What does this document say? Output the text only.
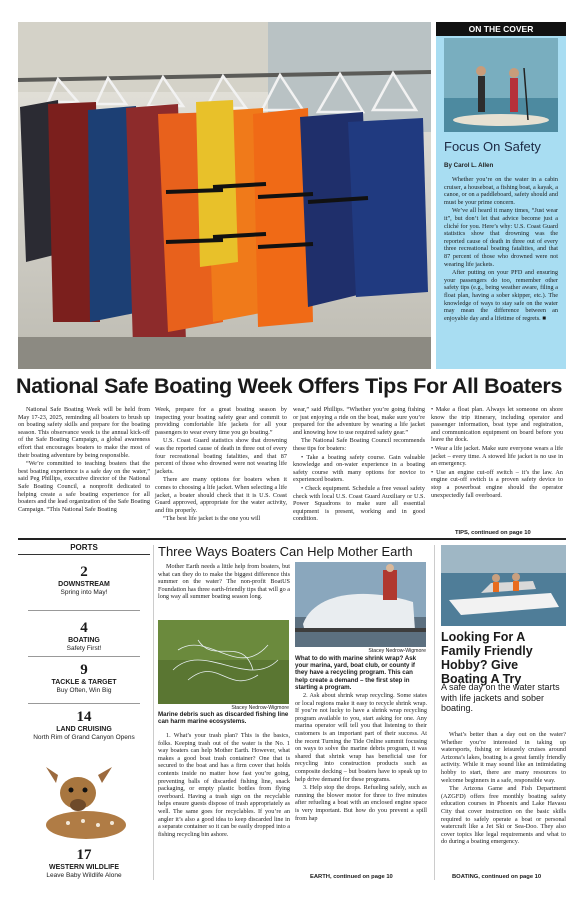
ON THE COVER
Focus On Safety
By Carol L. Allen

Whether you’re on the water in a cabin cruiser, a houseboat, a fishing boat, a kayak, a canoe, or on a paddleboard, safety should and must be your prime concern.

We’ve all heard it many times, “Just wear it”, but don’t let that advice become just a cliché for you. Here’s why: U.S. Coast Guard statistics show that drowning was the reported cause of death in three out of every three recreational boating fatalities, and that 87 percent of those who drowned were not wearing life jackets.

After putting on your PFD and ensuring your passengers do too, remember other safety tips (e.g., being weather aware, filing a float plan, having a sober skipper, etc.). The knowledge of ways to stay safe on the water may mean the difference between an enjoyable day and a lifetime of regrets. ■

National Safe Boating Week Offers Tips For All Boaters

National Safe Boating Week will be held from May 17-23, 2025, reminding all boaters to brush up on boating safety skills and prepare for the boating season. This observance week is the annual kick-off of the Safe Boating Campaign, a global awareness effort that encourages boaters to make the most of their boating adventure by being responsible.

“We’re committed to teaching boaters that the best boating experience is a safe day on the water,” said Peg Phillips, executive director of the National Safe Boating Council, a nonprofit dedicated to helping create a safe boating experience for all boaters and the lead organization of the Safe Boating Campaign. “This National Safe Boating

Week, prepare for a great boating season by inspecting your boating safety gear and commit to providing comfortable life jackets for all your passengers to wear every time you go boating.”

U.S. Coast Guard statistics show that drowning was the reported cause of death in three out of every four recreational boating fatalities, and that 87 percent of those who drowned were not wearing life jackets.

There are many options for boaters when it comes to choosing a life jacket. When selecting a life jacket, a boater should check that it is U.S. Coast Guard approved, appropriate for the water activity, and fits properly.

“The best life jacket is the one you will

wear,” said Phillips. “Whether you’re going fishing or just enjoying a ride on the boat, make sure you’re prepared for the adventure by wearing a life jacket and knowing how to use required safety gear.”

The National Safe Boating Council recommends these tips for boaters:

• Take a boating safety course. Gain valuable knowledge and on-water experience in a boating safety course with many options for novice to experienced boaters.

• Check equipment. Schedule a free vessel safety check with local U.S. Coast Guard Auxiliary or U.S. Power Squadrons to make sure all essential equipment is present, working and in good condition.

• Make a float plan. Always let someone on shore know the trip itinerary, including operator and passenger information, boat type and registration, and communication equipment on board before you leave the dock.

• Wear a life jacket. Make sure everyone wears a life jacket – every time. A stowed life jacket is no use in an emergency.

• Use an engine cut-off switch – it’s the law. An engine cut-off switch is a proven safety device to stop a powerboat engine should the operator unexpectedly fall overboard.

TIPS, continued on page 10
PORTS
2
DOWNSTREAM
Spring into May!
4
BOATING
Safety First!
9
TACKLE & TARGET
Buy Often, Win Big
14
LAND CRUISING
North Rim of Grand Canyon Opens
17
WESTERN WILDLIFE
Leave Baby Wildlife Alone
Three Ways Boaters Can Help Mother Earth

Mother Earth needs a little help from boaters, but what can they do to make the biggest difference this summer on the water? The non-profit BoatUS Foundation has three earth-friendly tips that will go a long way all summer boating season long.

Stacey Nedrow-Wigmore
Marine debris such as discarded fishing line can harm marine ecosystems.

1. What’s your trash plan? This is the basics, folks. Keeping trash out of the water is the No. 1 way boaters can help Mother Earth. However, what makes a good boat trash container? One that is secured to the boat and has a firm cover that holds contents inside no matter how fast you’re going, preventing balls of discarded fishing line, snack packaging, or empty plastic bottles from flying overboard. Having a trash sign on the recyclable helps ensure guests dispose of trash appropriately as well. The same goes for recyclables. If you’re an angler it’s also a good idea to keep discarded line in a separate container so it can be easily dropped into a fishing recycling bin ashore.

Stacey Nedrow-Wigmore
What to do with marine shrink wrap? Ask your marina, yard, boat club, or county if they have a recycling program. This can help create a demand – the first step in starting a program.

2. Ask about shrink wrap recycling. Some states or local regions make it easy to recycle shrink wrap. If you’re not lucky to have a shrink wrap recycling program available to you, start asking for one. Any marina operator will tell you that listening to their customers is an important part of their success. At the recent Turning the Tide Online summit focusing on ways to solve the marine debris program, it was shared that shrink wrap has beneficial use for recycling into construction products such as composite decking – but boaters have to speak up to help drive demand for these programs.

3. Help stop the drops. Refueling safely, such as running the blower motor for three to five minutes after refueling a boat with an enclosed engine space is very important. But how do you prevent a spill from hap

EARTH, continued on page 10
Looking For A Family Friendly Hobby? Give Boating A Try
A safe day on the water starts with life jackets and sober boating.

What’s better than a day out on the water? Whether you’re interested in taking up watersports, fishing or leisurely cruises around Arizona’s lakes, boating is a great family friendly activity. While it may sound like an intimidating hobby to start, there are many resources to welcome beginners in a safe, responsible way.

The Arizona Game and Fish Department (AZGFD) offers free monthly boating safety education courses in Phoenix and Lake Havasu City that cover instruction on the basic skills required to safely operate a boat or personal watercraft like a Jet Ski or Sea-Doo. They also cover topics like legal requirements and what to do during a boating emergency.

BOATING, continued on page 10
